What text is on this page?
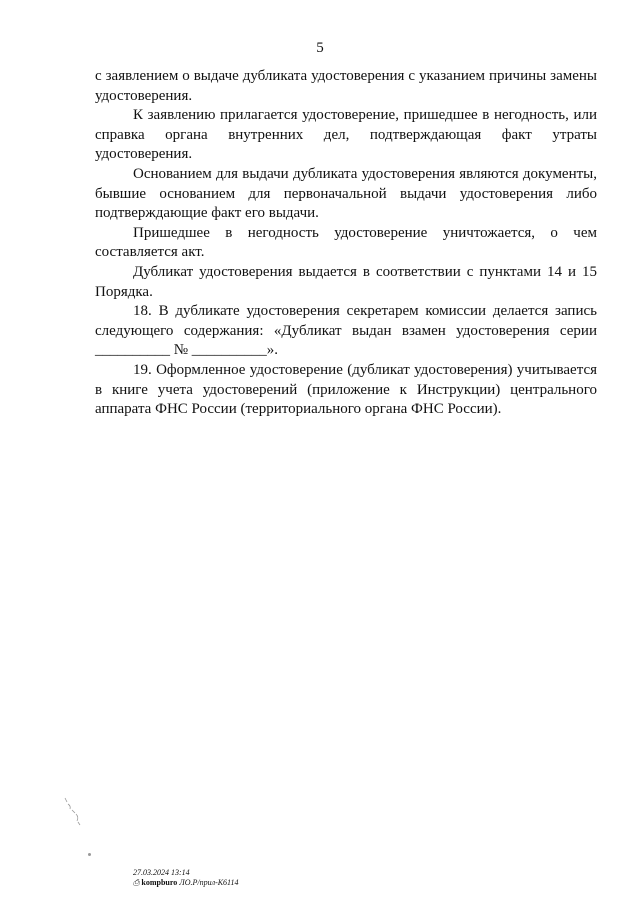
5

с заявлением о выдаче дубликата удостоверения с указанием причины замены удостоверения.

К заявлению прилагается удостоверение, пришедшее в негодность, или справка органа внутренних дел, подтверждающая факт утраты удостоверения.

Основанием для выдачи дубликата удостоверения являются документы, бывшие основанием для первоначальной выдачи удостоверения либо подтверждающие факт его выдачи.

Пришедшее в негодность удостоверение уничтожается, о чем составляется акт.

Дубликат удостоверения выдается в соответствии с пунктами 14 и 15 Порядка.

18. В дубликате удостоверения секретарем комиссии делается запись следующего содержания: «Дубликат выдан взамен удостоверения серии __________ № __________».

19. Оформленное удостоверение (дубликат удостоверения) учитывается в книге учета удостоверений (приложение к Инструкции) центрального аппарата ФНС России (территориального органа ФНС России).

27.03.2024 13:14
⎙ kompburo ЛО.Р/прил-К6114
